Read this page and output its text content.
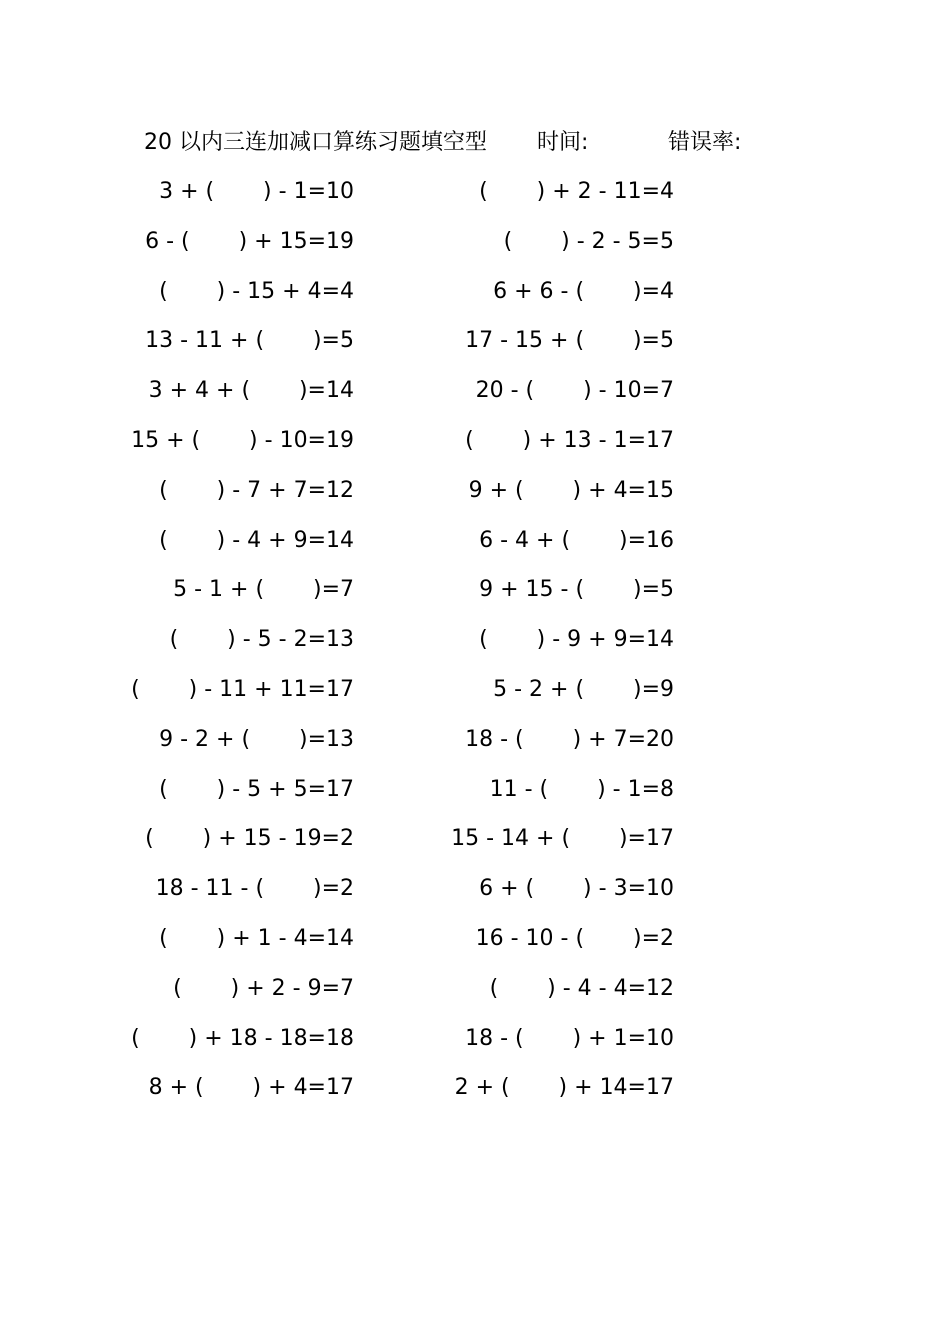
20 以内三连加减口算练习题填空型 时间:	错误率:
3 + (       ) - 1=10	(       ) + 2 - 11=4
6 - (       ) + 15=19	(       ) - 2 - 5=5
(       ) - 15 + 4=4	6 + 6 - (       )=4
13 - 11 + (       )=5	17 - 15 + (       )=5
3 + 4 + (       )=14	20 - (       ) - 10=7
15 + (       ) - 10=19	(       ) + 13 - 1=17
(       ) - 7 + 7=12	9 + (       ) + 4=15
(       ) - 4 + 9=14	6 - 4 + (       )=16
5 - 1 + (       )=7	9 + 15 - (       )=5
(       ) - 5 - 2=13	(       ) - 9 + 9=14
(       ) - 11 + 11=17	5 - 2 + (       )=9
9 - 2 + (       )=13	18 - (       ) + 7=20
(       ) - 5 + 5=17	11 - (       ) - 1=8
(       ) + 15 - 19=2	15 - 14 + (       )=17
18 - 11 - (       )=2	6 + (       ) - 3=10
(       ) + 1 - 4=14	16 - 10 - (       )=2
(       ) + 2 - 9=7	(       ) - 4 - 4=12
(       ) + 18 - 18=18	18 - (       ) + 1=10
8 + (       ) + 4=17	2 + (       ) + 14=17
